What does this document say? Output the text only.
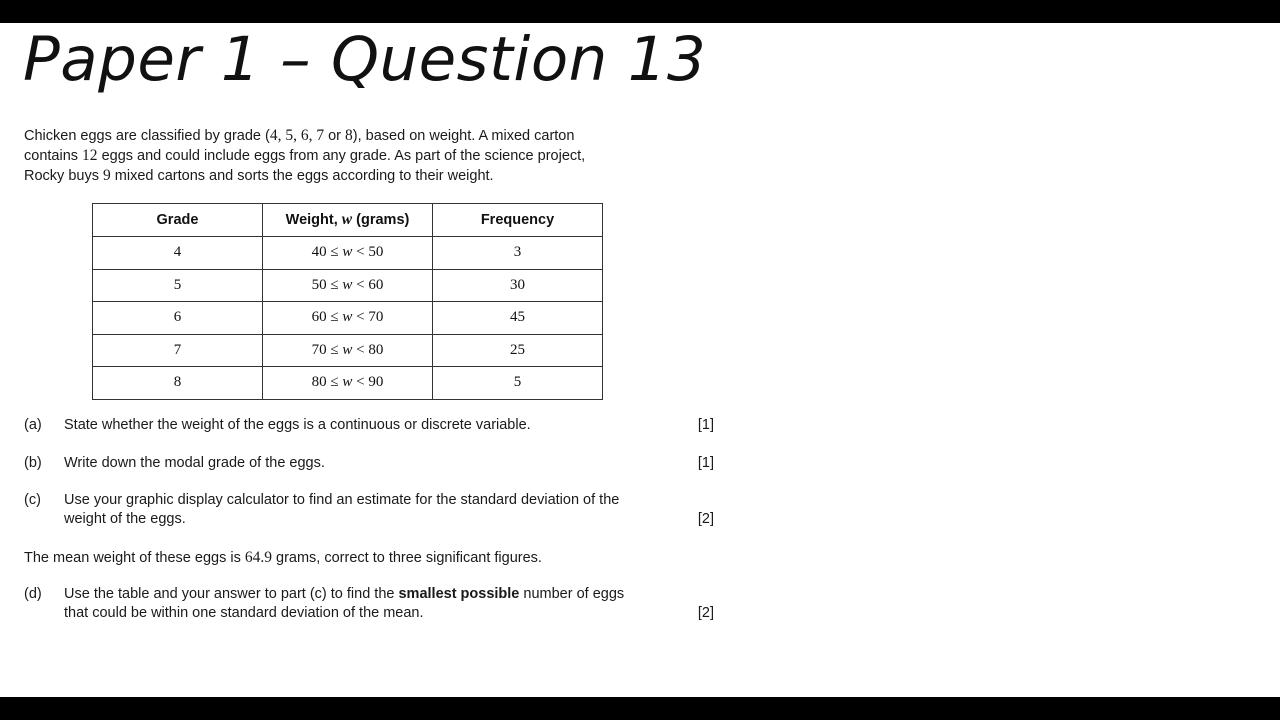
Paper 1 – Question 13
Chicken eggs are classified by grade (4, 5, 6, 7 or 8), based on weight. A mixed carton
contains 12 eggs and could include eggs from any grade. As part of the science project,
Rocky buys 9 mixed cartons and sorts the eggs according to their weight.
Grade	Weight, w (grams)	Frequency
4	40 ≤ w < 50	3
5	50 ≤ w < 60	30
6	60 ≤ w < 70	45
7	70 ≤ w < 80	25
8	80 ≤ w < 90	5
(a) State whether the weight of the eggs is a continuous or discrete variable.	[1]
(b) Write down the modal grade of the eggs.	[1]
(c) Use your graphic display calculator to find an estimate for the standard deviation of the
weight of the eggs.	[2]
The mean weight of these eggs is 64.9 grams, correct to three significant figures.
(d) Use the table and your answer to part (c) to find the smallest possible number of eggs
that could be within one standard deviation of the mean.	[2]
